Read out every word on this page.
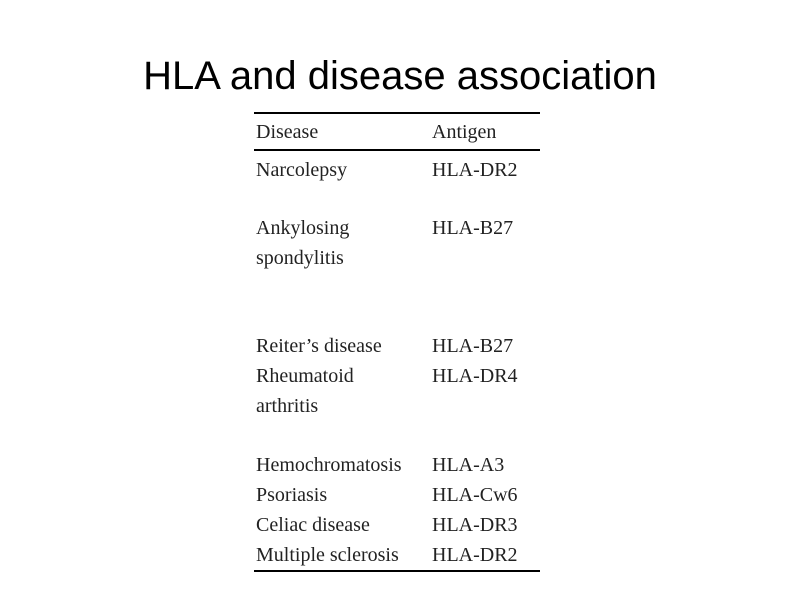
HLA and disease association
Disease	Antigen
Narcolepsy	HLA-DR2
Ankylosing	HLA-B27
spondylitis
Reiter’s disease	HLA-B27
Rheumatoid	HLA-DR4
arthritis
Hemochromatosis	HLA-A3
Psoriasis	HLA-Cw6
Celiac disease	HLA-DR3
Multiple sclerosis	HLA-DR2
